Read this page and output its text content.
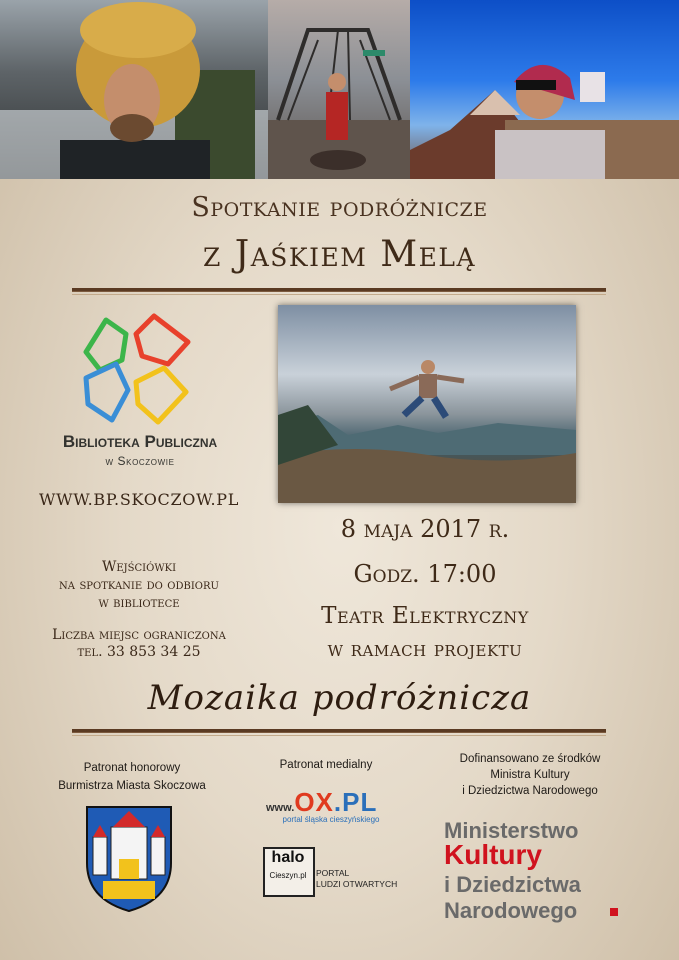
Spotkanie podróżnicze
z Jaśkiem Melą
Biblioteka Publiczna
w Skoczowie
WWW.BP.SKOCZOW.PL
Wejściówki
na spotkanie do odbioru
w bibliotece
Liczba miejsc ograniczona
tel. 33 853 34 25
8 maja 2017 r.
Godz. 17:00
Teatr Elektryczny
w ramach projektu
Mozaika podróżnicza
Patronat honorowy
Burmistrza Miasta Skoczowa
Patronat medialny
www.OX.PL
portal śląska cieszyńskiego
halo
Cieszyn.pl	PORTAL
LUDZI OTWARTYCH
Dofinansowano ze środków
Ministra Kultury
i Dziedzictwa Narodowego
Ministerstwo
Kultury
i Dziedzictwa
Narodowego
